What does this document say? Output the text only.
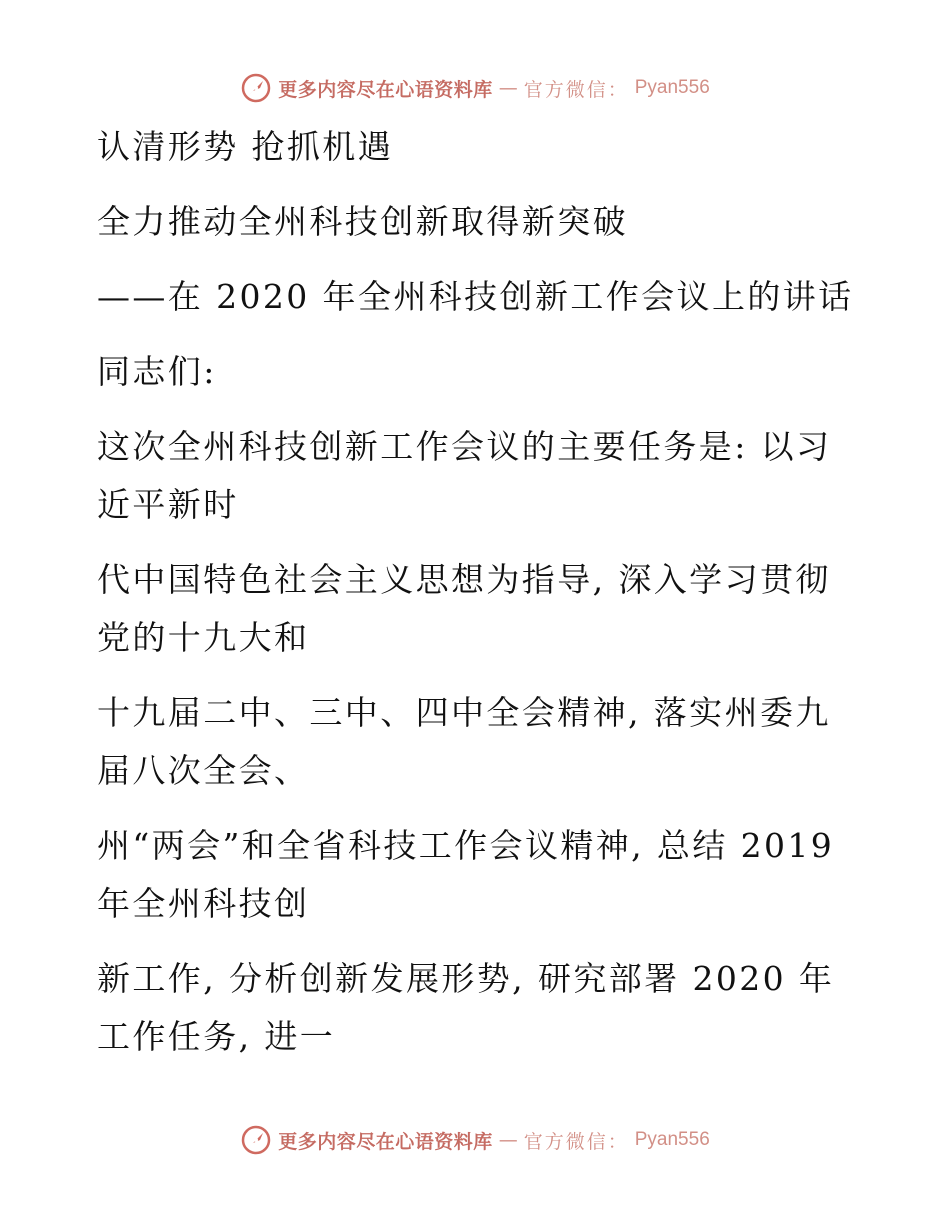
更多内容尽在心语资料库 — 官方微信： Pyan556

认清形势 抢抓机遇

全力推动全州科技创新取得新突破

——在 2020 年全州科技创新工作会议上的讲话

同志们:

这次全州科技创新工作会议的主要任务是: 以习

近平新时

代中国特色社会主义思想为指导, 深入学习贯彻

党的十九大和

十九届二中、三中、四中全会精神, 落实州委九

届八次全会、

州“两会”和全省科技工作会议精神, 总结 2019

年全州科技创

新工作, 分析创新发展形势, 研究部署 2020 年

工作任务, 进一

更多内容尽在心语资料库 — 官方微信： Pyan556
